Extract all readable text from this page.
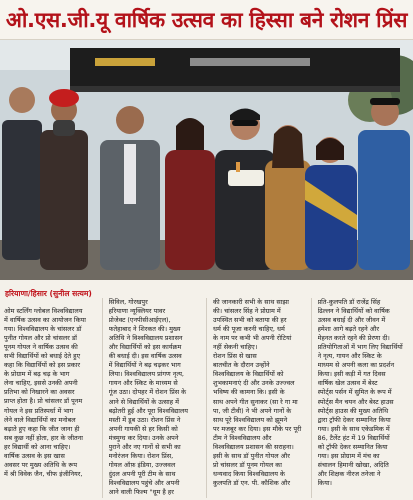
ओ.एस.जी.यू वार्षिक उत्सव का हिस्सा बने रोशन प्रिंस
हरियाणा/हिसार (सुनील सत्यम)
ओम स्टर्लिंग ग्लोबल विश्वविद्यालय
में वार्षिक उत्सव का आयोजन किया
गया। विश्वविद्यालय के चांसलर डॉ
पुनीत गोयल और प्रो चांसलर डॉ
पूनम गोयल ने वार्षिक उत्सव की
सभी विद्यार्थियों को बधाई देते हुए
कहा कि विद्यार्थियों को इस प्रकार
के प्रोग्राम में बढ़ चढ़ के भाग
लेना चाहिए, इससे उनकी अपनी
प्रतिभा को निखारने का अवसर
प्राप्त होता है। प्रो चांसलर डॉ पूनम
गोयल ने इस प्रतिस्पर्धा में भाग
लेने वाले विद्यार्थियों का मनोबल
बढ़ाते हुए कहा कि जीत जाना ही
सब कुछ नहीं होता, हार के जीतना
हर विद्यार्थी को आना चाहिए।
वार्षिक उत्सव के इस खास
अवसर पर मुख्य अतिथि के रूप
में श्री विवेक जैन, चीफ इंजीनियर,
सिविल, गोरखपुर
हरियाणा न्यूक्लियर पावर
प्रोजेक्ट (एनपीसीआईएल),
फतेहाबाद ने शिरकत की। मुख्य
अतिथि ने विश्वविद्यालय प्रशासन
और विद्यार्थियों को इस कार्यक्रम
की बधाई दी। इस वार्षिक उत्सव
में विद्यार्थियों ने बढ़ चढ़कर भाग
लिया। विश्वविद्यालय प्रांगण नृत्य,
गायन और स्किट के माध्यम से
गूंज उठा। दोपहर में रोशन प्रिंस के
आने से विद्यार्थियों के उत्साह में
बढ़ोतरी हुई और पूरा विश्वविद्यालय
मस्ती में डूब उठा। रोशन प्रिंस ने
अपनी गायकी से हर किसी को
मंत्रमुग्ध कर दिया। उनके अपने
पुराने और नए गानों से सभी का
मनोरंजन किया। रोशन प्रिंस,
गोयल ऑफ़ इंडिया, उज्जवल
दुंदल अपनी पूरी टीम के साथ
विश्वविद्यालय पहुंचे और अपनी
आने वाली फिल्म "धूम है हर
की जानकारी सभी के साथ साझा
की। चांसलर सिंह ने प्रोग्राम में
उपस्थित सभी को बताया की हर
धर्म की पूजा करनी चाहिए, धर्म
के नाम पर कभी भी अपनी रोटियां
नहीं सेकनी चाहिए।
रोशन प्रिंस से खास
बातचीत के दौरान उन्होंने
विश्वविद्यालय के विद्यार्थियों को
शुभकामनाएं दी और उनके उज्ज्वल
भविष्य की कामना कि। इसी के
साथ अपने गीत सुनाकर (सा रे गा मा
पा, जी टीवी) ने भी अपने गानों के
साथ पूरे विश्वविद्यालय को झूमने
पर मजबूर कर दिया। इस मौके पर पूरी
टीम ने विश्वविद्यालय और
विश्वविद्यालय प्रशासन की सराहना।
इसी के साथ डॉ पुनीत गोयल और
प्रो चांसलर डॉ पूनम गोयल का
धन्यवाद किया विश्वविद्यालय के
कुलपति डॉ एन. पी. कौशिक और
प्रति-कुलपति डॉ राजेंद्र सिंह
ढिल्लन ने विद्यार्थियों को वार्षिक
उत्सव बधाई दी और जीवन में
हमेशा आगे बढ़ते रहने और
मेहनत करते रहने की प्रेरणा दी।
प्रतियोगिताओं में भाग लिए विद्यार्थियों
ने नृत्य, गायन और स्किट के
माध्यम से अपनी कला का प्रदर्शन
किया। इसी कड़ी में गत दिवस
वार्षिक खेल उत्सव में बेस्ट
स्पोर्ट्स पर्सन में सुमित के रूप में
स्पोर्ट्स मैन चयन और बेस्ट हाउस
स्पोर्ट्स हाउस की मुख्य अतिथि
द्वारा ट्रॉफी देकर सम्मानित किया
गया। इसी के साथ एकेडमिक में
86, टैलेंट हंट में 19 विद्यार्थियों
को ट्रॉफी देकर सम्मानित किया
गया। इस प्रोग्राम में मंच का
संचालन हिमानी खोखा, अदिति
और शिक्षक नीरज तनेजा ने
किया।
